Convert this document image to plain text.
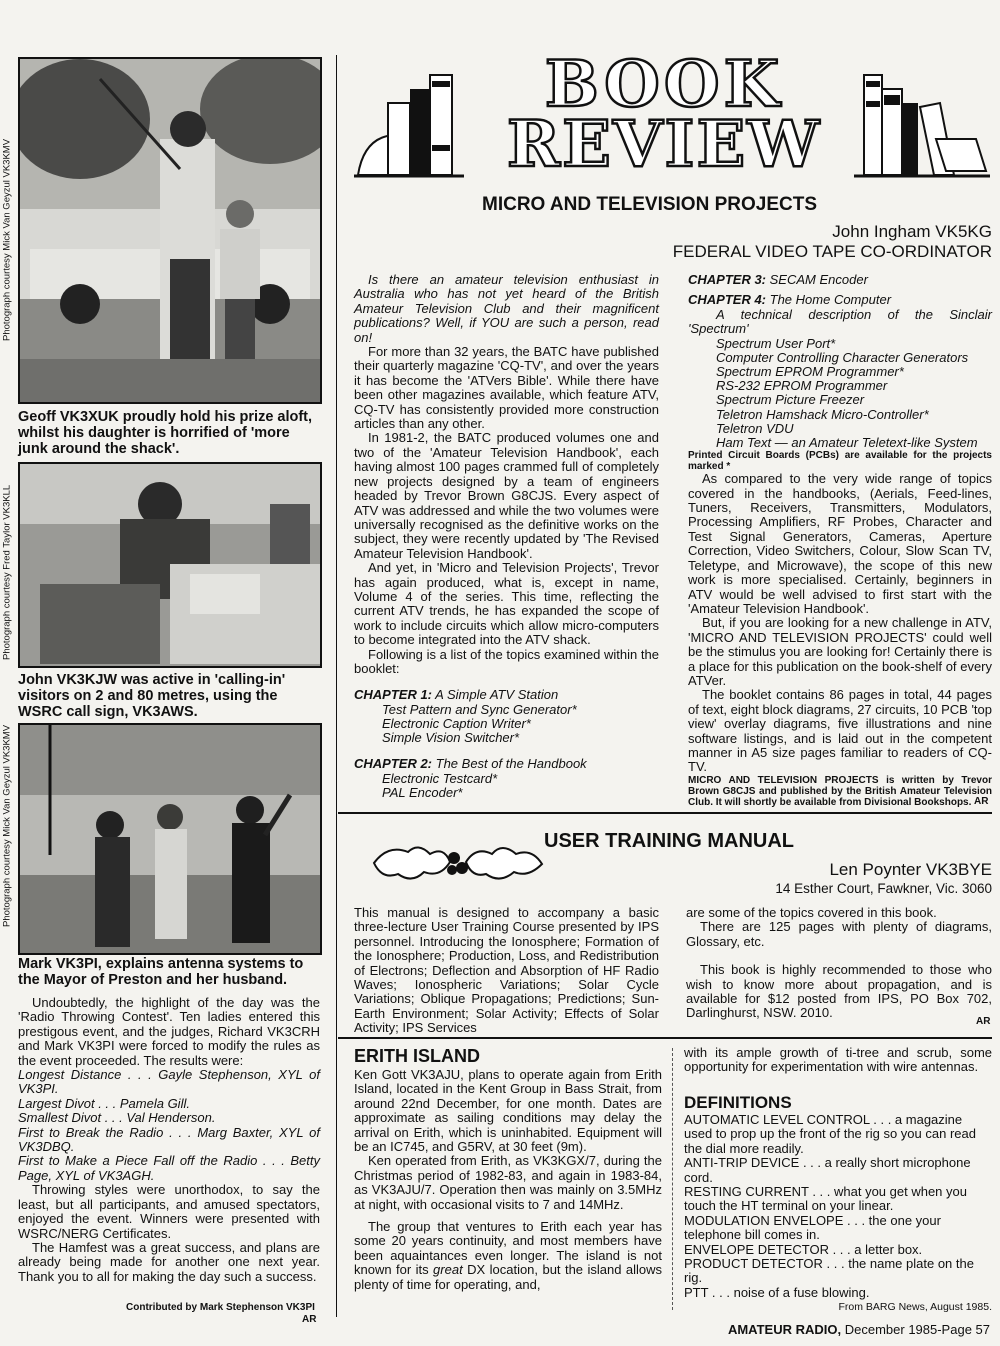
Photograph courtesy Mick Van Geyzul VK3KMV
Geoff VK3XUK proudly hold his prize aloft, whilst his daughter is horrified of 'more junk around the shack'.
Photograph courtesy Fred Taylor VK3KLL
John VK3KJW was active in 'calling-in' visitors on 2 and 80 metres, using the WSRC call sign, VK3AWS.
Photograph courtesy Mick Van Geyzul VK3KMV
Mark VK3PI, explains antenna systems to the Mayor of Preston and her husband.

Undoubtedly, the highlight of the day was the 'Radio Throwing Contest'. Ten ladies entered this prestigous event, and the judges, Richard VK3CRH and Mark VK3PI were forced to modify the rules as the event proceeded. The results were:

Longest Distance . . . Gayle Stephenson, XYL of VK3PI.

Largest Divot . . . Pamela Gill.

Smallest Divot . . . Val Henderson.

First to Break the Radio . . . Marg Baxter, XYL of VK3DBQ.

First to Make a Piece Fall off the Radio . . . Betty Page, XYL of VK3AGH.

Throwing styles were unorthodox, to say the least, but all participants, and amused spectators, enjoyed the event. Winners were presented with WSRC/NERG Certificates.

The Hamfest was a great success, and plans are already being made for another one next year. Thank you to all for making the day such a success.

Contributed by Mark Stephenson VK3PI
AR
BOOK
REVIEW
MICRO AND TELEVISION PROJECTS
John Ingham VK5KG
FEDERAL VIDEO TAPE CO-ORDINATOR

Is there an amateur television enthusiast in Australia who has not yet heard of the British Amateur Television Club and their magnificent publications? Well, if YOU are such a person, read on!

For more than 32 years, the BATC have published their quarterly magazine 'CQ-TV', and over the years it has become the 'ATVers Bible'. While there have been other magazines available, which feature ATV, CQ-TV has consistently provided more construction articles than any other.

In 1981-2, the BATC produced volumes one and two of the 'Amateur Television Handbook', each having almost 100 pages crammed full of completely new projects designed by a team of engineers headed by Trevor Brown G8CJS. Every aspect of ATV was addressed and while the two volumes were universally recognised as the definitive works on the subject, they were recently updated by 'The Revised Amateur Television Handbook'.

And yet, in 'Micro and Television Projects', Trevor has again produced, what is, except in name, Volume 4 of the series. This time, reflecting the current ATV trends, he has expanded the scope of work to include circuits which allow micro-computers to become integrated into the ATV shack.

Following is a list of the topics examined within the booklet:

CHAPTER 1: A Simple ATV Station
Test Pattern and Sync Generator*
Electronic Caption Writer*
Simple Vision Switcher*
CHAPTER 2: The Best of the Handbook
Electronic Testcard*
PAL Encoder*
CHAPTER 3: SECAM Encoder
CHAPTER 4: The Home Computer
A technical description of the Sinclair 'Spectrum'
Spectrum User Port*
Computer Controlling Character Generators
Spectrum EPROM Programmer*
RS-232 EPROM Programmer
Spectrum Picture Freezer
Teletron Hamshack Micro-Controller*
Teletron VDU
Ham Text — an Amateur Teletext-like System
Printed Circuit Boards (PCBs) are available for the projects marked *

As compared to the very wide range of topics covered in the handbooks, (Aerials, Feed-lines, Tuners, Receivers, Transmitters, Modulators, Processing Amplifiers, RF Probes, Character and Test Signal Generators, Cameras, Aperture Correction, Video Switchers, Colour, Slow Scan TV, Teletype, and Microwave), the scope of this new work is more specialised. Certainly, beginners in ATV would be well advised to first start with the 'Amateur Television Handbook'.

But, if you are looking for a new challenge in ATV, 'MICRO AND TELEVISION PROJECTS' could well be the stimulus you are looking for! Certainly there is a place for this publication on the book-shelf of every ATVer.

The booklet contains 86 pages in total, 44 pages of text, eight block diagrams, 27 circuits, 10 PCB 'top view' overlay diagrams, five illustrations and nine software listings, and is laid out in the competent manner in A5 size pages familiar to readers of CQ-TV.

MICRO AND TELEVISION PROJECTS is written by Trevor Brown G8CJS and published by the British Amateur Television Club. It will shortly be available from Divisional Bookshops. AR
USER TRAINING MANUAL
Len Poynter VK3BYE
14 Esther Court, Fawkner, Vic. 3060

This manual is designed to accompany a basic three-lecture User Training Course presented by IPS personnel. Introducing the Ionosphere; Formation of the Ionosphere; Production, Loss, and Redistribution of Electrons; Deflection and Absorption of HF Radio Waves; Ionospheric Variations; Solar Cycle Variations; Oblique Propagations; Predictions; Sun-Earth Environment; Solar Activity; Effects of Solar Activity; IPS Services

are some of the topics covered in this book.

There are 125 pages with plenty of diagrams, Glossary, etc.

This book is highly recommended to those who wish to know more about propagation, and is available for $12 posted from IPS, PO Box 702, Darlinghurst, NSW. 2010.

AR
ERITH ISLAND

Ken Gott VK3AJU, plans to operate again from Erith Island, located in the Kent Group in Bass Strait, from around 22nd December, for one month. Dates are approximate as sailing conditions may delay the arrival on Erith, which is uninhabited. Equipment will be an IC745, and G5RV, at 30 feet (9m).

Ken operated from Erith, as VK3KGX/7, during the Christmas period of 1982-83, and again in 1983-84, as VK3AJU/7. Operation then was mainly on 3.5MHz at night, with occasional visits to 7 and 14MHz.

The group that ventures to Erith each year has some 20 years continuity, and most members have been aquaintances even longer. The island is not known for its great DX location, but the island allows plenty of time for operating, and,

with its ample growth of ti-tree and scrub, some opportunity for experimentation with wire antennas.

DEFINITIONS
AUTOMATIC LEVEL CONTROL . . . a magazine used to prop up the front of the rig so you can read the dial more readily.
ANTI-TRIP DEVICE . . . a really short microphone cord.
RESTING CURRENT . . . what you get when you touch the HT terminal on your linear.
MODULATION ENVELOPE . . . the one your telephone bill comes in.
ENVELOPE DETECTOR . . . a letter box.
PRODUCT DETECTOR . . . the name plate on the rig.
PTT . . . noise of a fuse blowing.
From BARG News, August 1985.
AMATEUR RADIO, December 1985-Page 57
